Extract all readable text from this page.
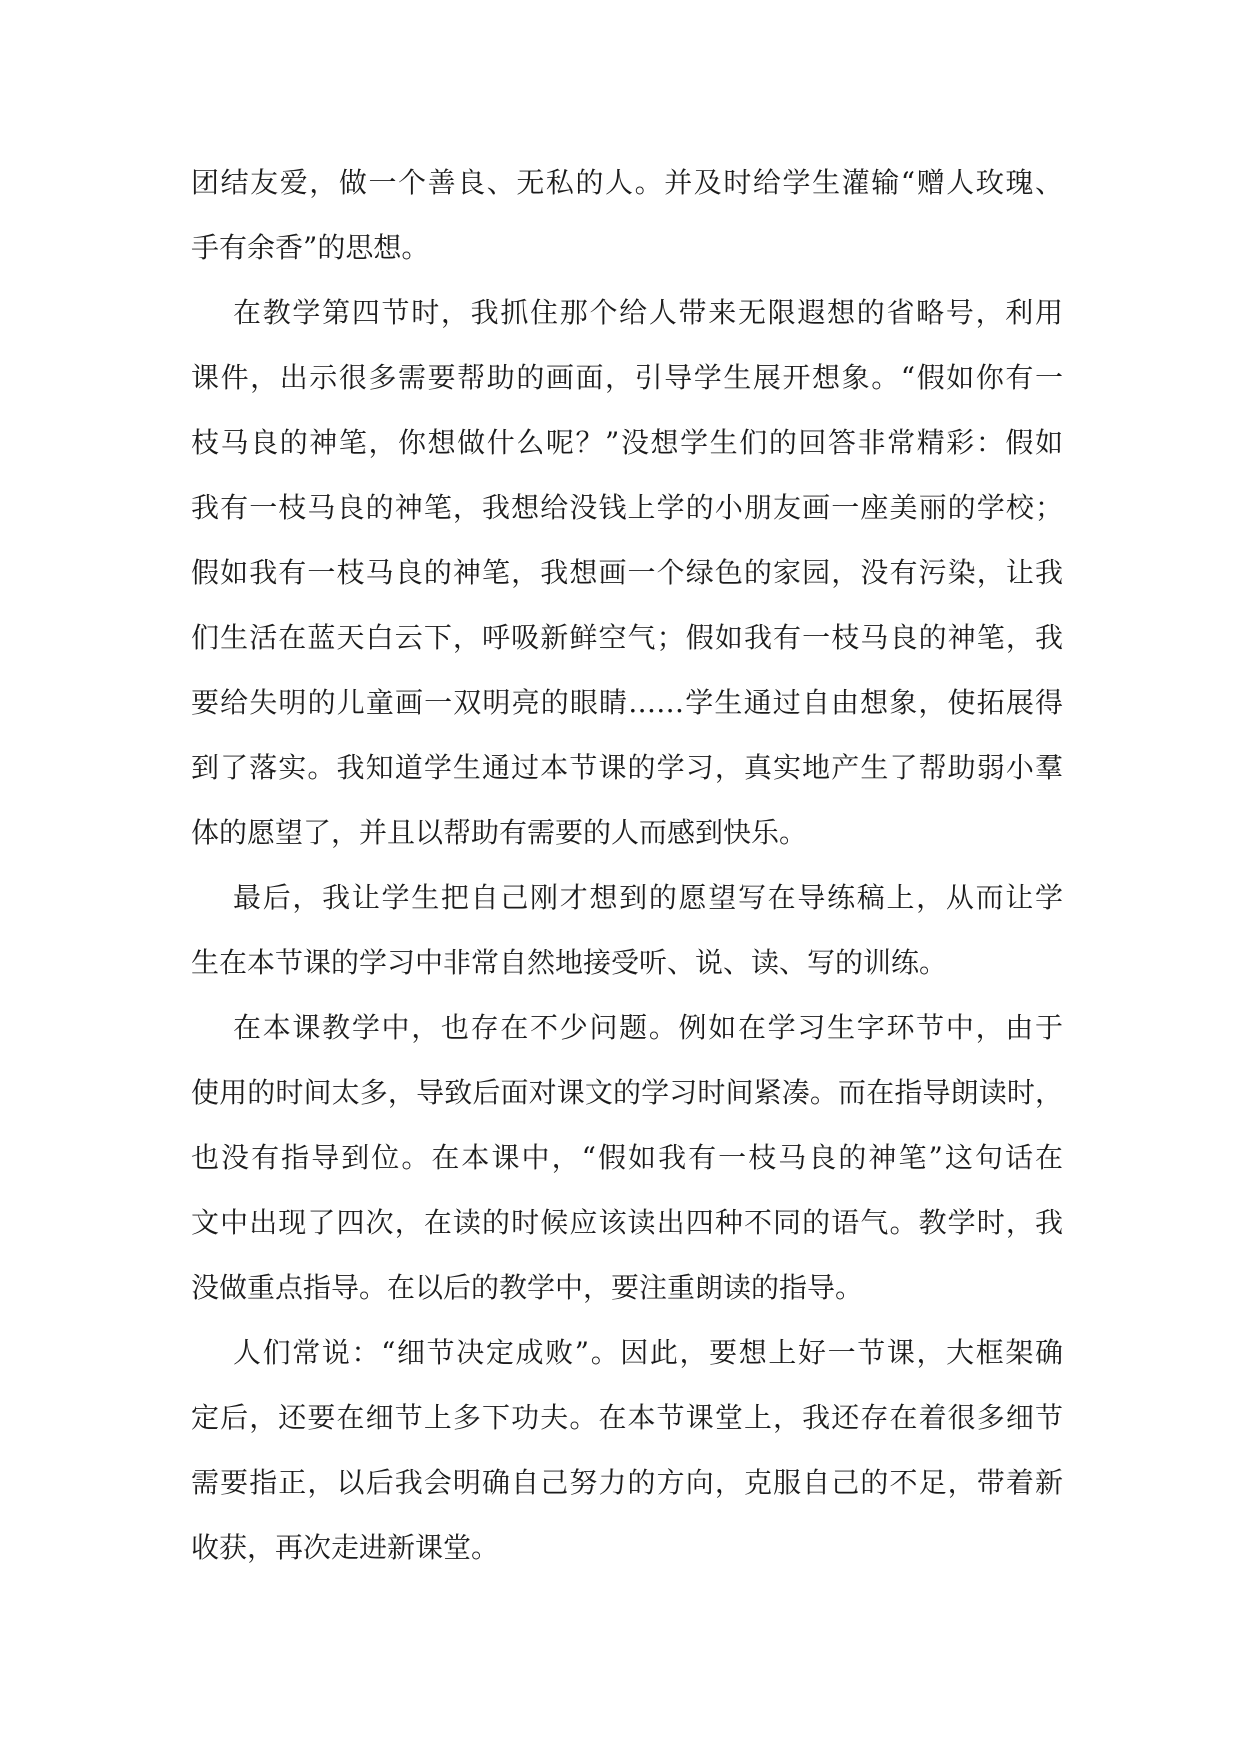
团结友爱，做一个善良、无私的人。并及时给学生灌输“赠人玫瑰、
手有余香”的思想。
在教学第四节时，我抓住那个给人带来无限遐想的省略号，利用
课件，出示很多需要帮助的画面，引导学生展开想象。“假如你有一
枝马良的神笔，你想做什么呢？”没想学生们的回答非常精彩：假如
我有一枝马良的神笔，我想给没钱上学的小朋友画一座美丽的学校；
假如我有一枝马良的神笔，我想画一个绿色的家园，没有污染，让我
们生活在蓝天白云下，呼吸新鲜空气；假如我有一枝马良的神笔，我
要给失明的儿童画一双明亮的眼睛……学生通过自由想象，使拓展得
到了落实。我知道学生通过本节课的学习，真实地产生了帮助弱小羣
体的愿望了，并且以帮助有需要的人而感到快乐。
最后，我让学生把自己刚才想到的愿望写在导练稿上，从而让学
生在本节课的学习中非常自然地接受听、说、读、写的训练。
在本课教学中，也存在不少问题。例如在学习生字环节中，由于
使用的时间太多，导致后面对课文的学习时间紧凑。而在指导朗读时，
也没有指导到位。在本课中，“假如我有一枝马良的神笔”这句话在
文中出现了四次，在读的时候应该读出四种不同的语气。教学时，我
没做重点指导。在以后的教学中，要注重朗读的指导。
人们常说：“细节决定成败”。因此，要想上好一节课，大框架确
定后，还要在细节上多下功夫。在本节课堂上，我还存在着很多细节
需要指正，以后我会明确自己努力的方向，克服自己的不足，带着新
收获，再次走进新课堂。
